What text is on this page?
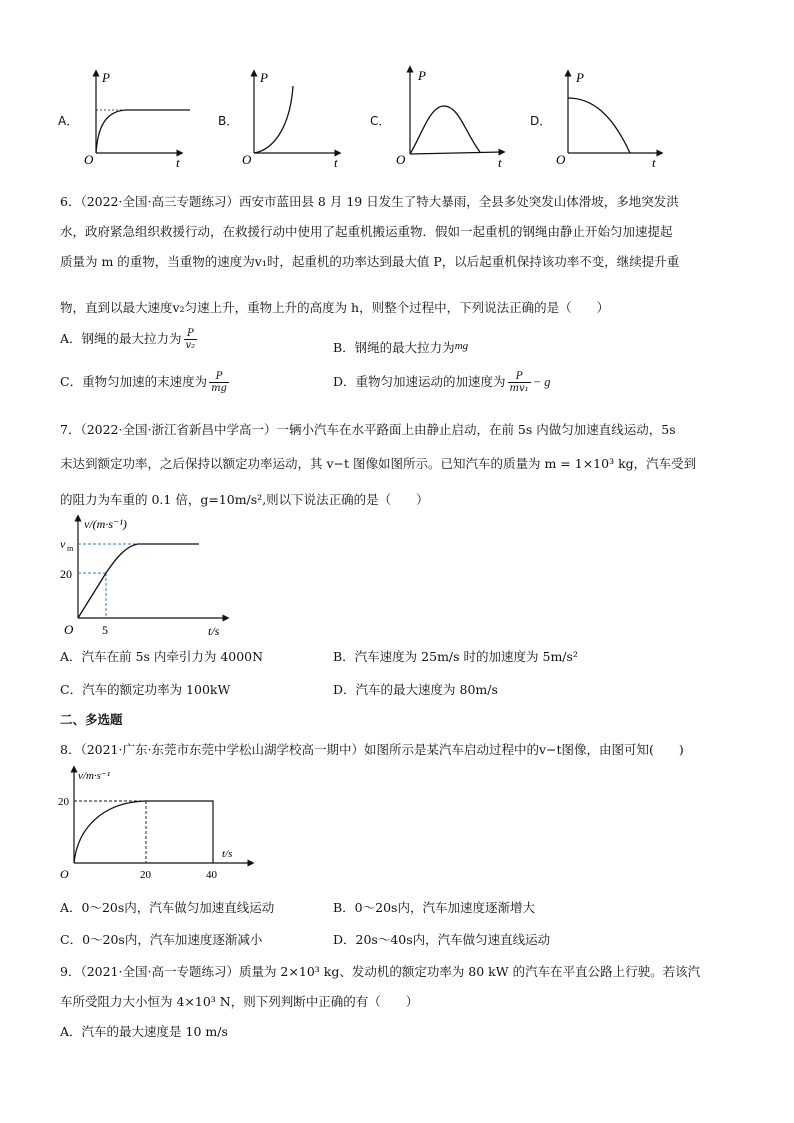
A．
P
O	t
B．
P
O	t
C．
P
O	t
D．
P
O	t
6．（2022·全国·高三专题练习）西安市蓝田县 8 月 19 日发生了特大暴雨，全县多处突发山体滑坡，多地突发洪
水，政府紧急组织救援行动，在救援行动中使用了起重机搬运重物．假如一起重机的钢绳由静止开始匀加速提起
质量为 m 的重物，当重物的速度为v₁时，起重机的功率达到最大值 P，以后起重机保持该功率不变，继续提升重
物，直到以最大速度v₂匀速上升，重物上升的高度为 h，则整个过程中，下列说法正确的是（　　）
A．钢绳的最大拉力为 $\frac{P}{\text{v₂}}$	B．钢绳的最大拉力为mg
C．重物匀加速的末速度为 $\frac{P}{mg}$	D．重物匀加速运动的加速度为 $\frac{P}{\text{mv₁}} - g$
7．（2022·全国·浙江省新昌中学高一）一辆小汽车在水平路面上由静止启动，在前 5s 内做匀加速直线运动，5s
末达到额定功率，之后保持以额定功率运动，其 v−t 图像如图所示。已知汽车的质量为 m = 1×10³ kg，汽车受到
的阻力为车重的 0.1 倍，g=10m/s²,则以下说法正确的是（　　）
v/(m·s⁻¹)
v m
20
O 5	t/s
A．汽车在前 5s 内牵引力为 4000N	B．汽车速度为 25m/s 时的加速度为 5m/s²
C．汽车的额定功率为 100kW	D．汽车的最大速度为 80m/s
二、多选题
8．（2021·广东·东莞市东莞中学松山湖学校高一期中）如图所示是某汽车启动过程中的v−t图像，由图可知(　　)
v/m·s⁻¹
20
O	20	40
t/s
A．0～20s内，汽车做匀加速直线运动	B．0～20s内，汽车加速度逐渐增大
C．0～20s内，汽车加速度逐渐减小	D．20s～40s内，汽车做匀速直线运动
9．（2021·全国·高一专题练习）质量为 2×10³ kg、发动机的额定功率为 80 kW 的汽车在平直公路上行驶。若该汽
车所受阻力大小恒为 4×10³ N，则下列判断中正确的有（　　）
A．汽车的最大速度是 10 m/s
